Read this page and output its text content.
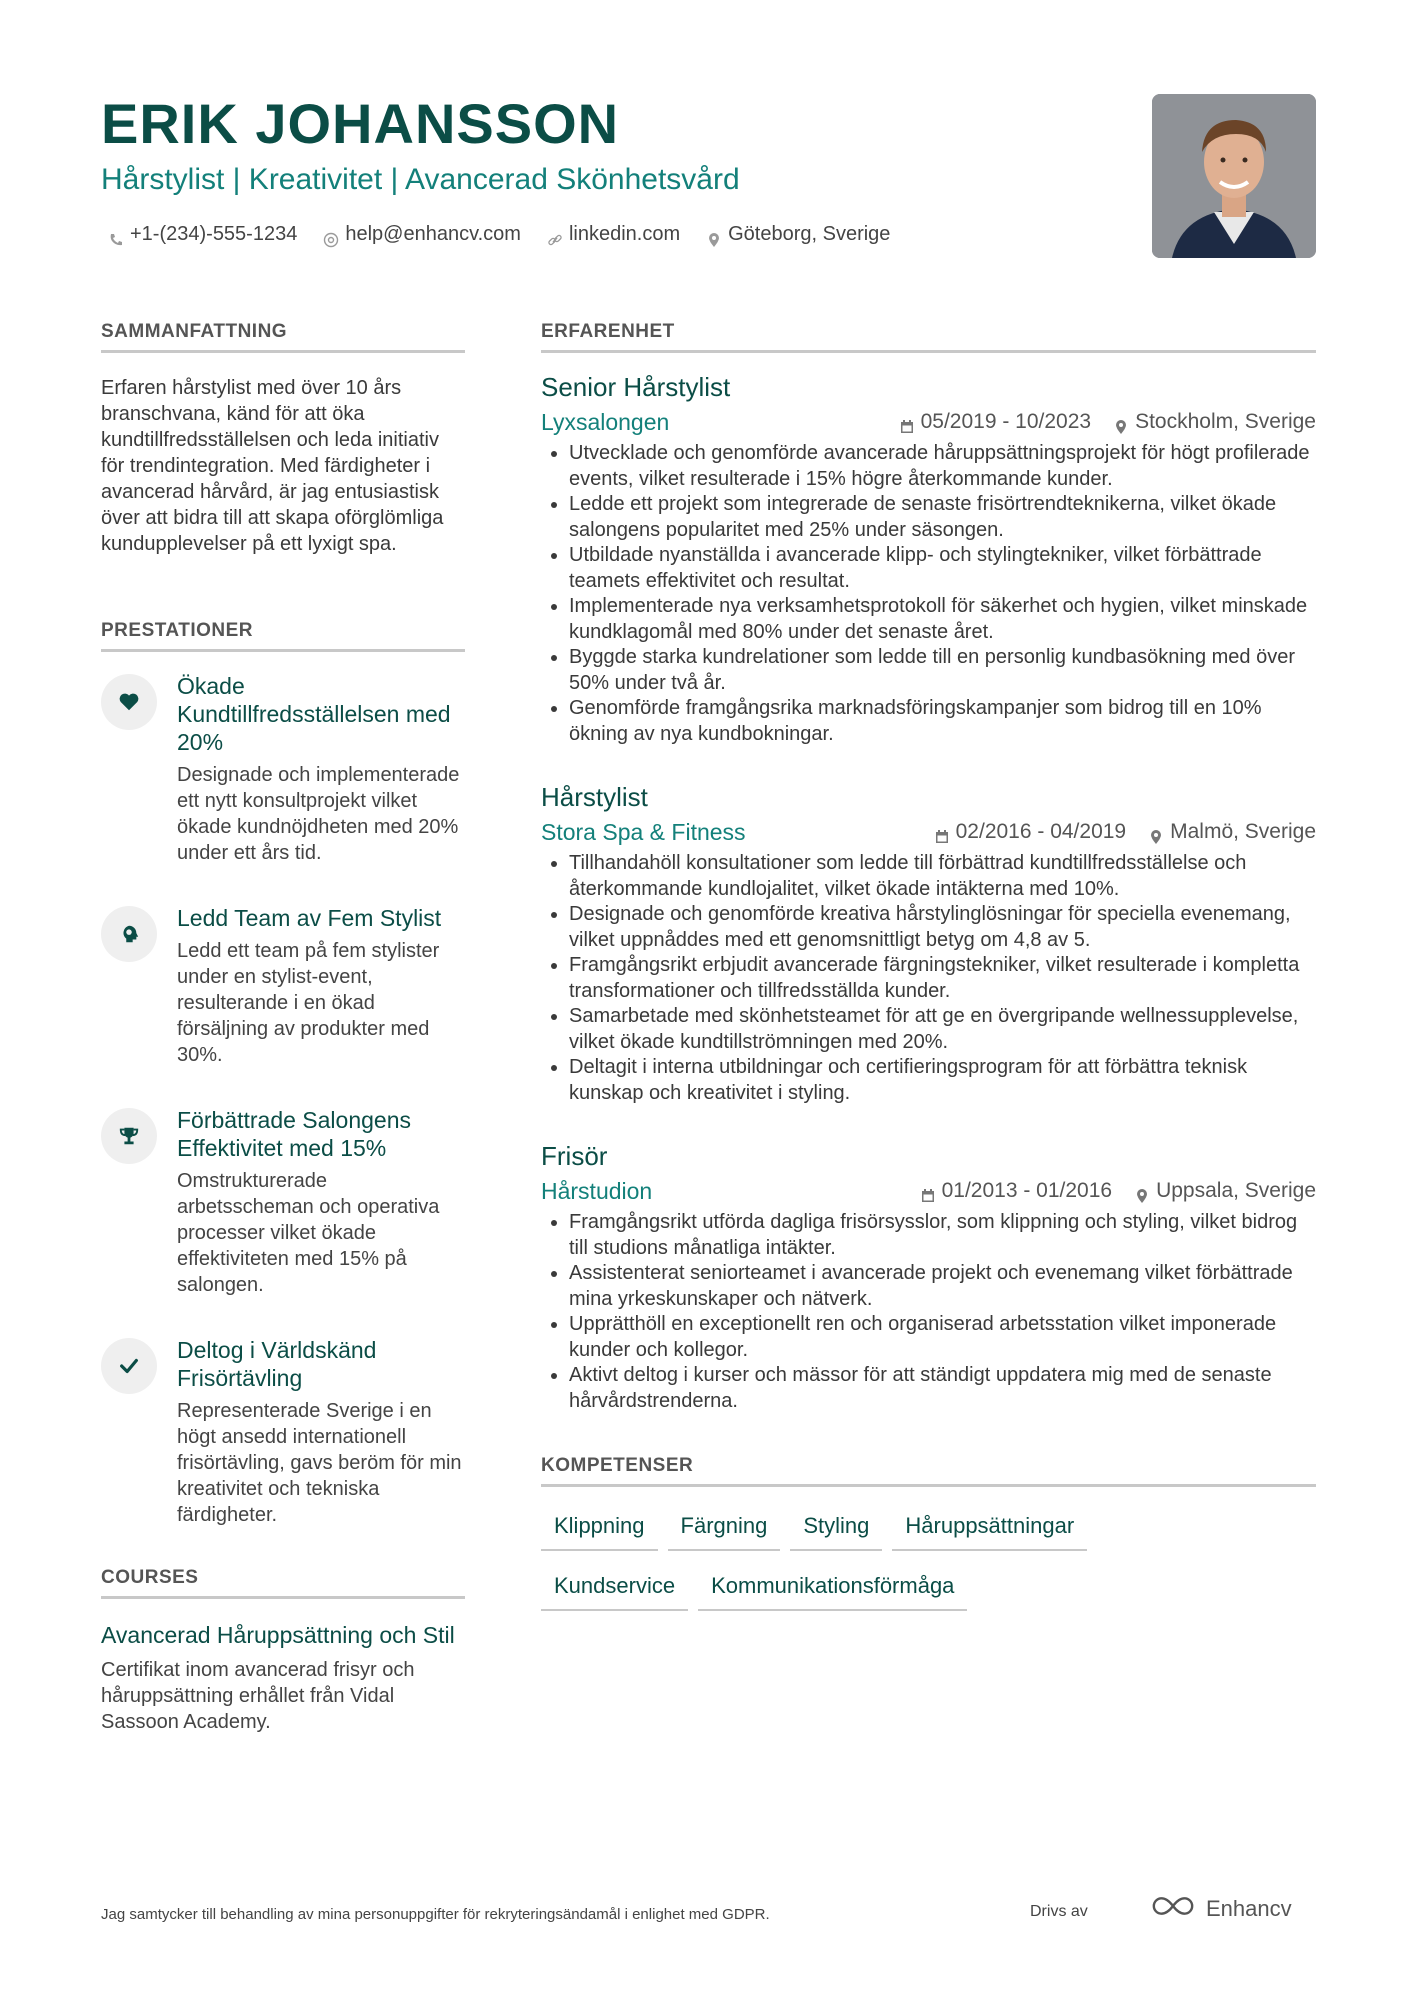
ERIK JOHANSSON

Hårstylist | Kreativitet | Avancerad Skönhetsvård

+1-(234)-555-1234 help@enhancv.com linkedin.com Göteborg, Sverige
SAMMANFATTNING

Erfaren hårstylist med över 10 års branschvana, känd för att öka kundtillfredsställelsen och leda initiativ för trendintegration. Med färdigheter i avancerad hårvård, är jag entusiastisk över att bidra till att skapa oförglömliga kundupplevelser på ett lyxigt spa.

PRESTATIONER

Ökade Kundtillfredsställelsen med 20%

Designade och implementerade ett nytt konsultprojekt vilket ökade kundnöjdheten med 20% under ett års tid.

Ledd Team av Fem Stylist

Ledd ett team på fem stylister under en stylist-event, resulterande i en ökad försäljning av produkter med 30%.

Förbättrade Salongens Effektivitet med 15%

Omstrukturerade arbetsscheman och operativa processer vilket ökade effektiviteten med 15% på salongen.

Deltog i Världskänd Frisörtävling

Representerade Sverige i en högt ansedd internationell frisörtävling, gavs beröm för min kreativitet och tekniska färdigheter.

COURSES

Avancerad Håruppsättning och Stil

Certifikat inom avancerad frisyr och håruppsättning erhållet från Vidal Sassoon Academy.

ERFARENHET

Senior Hårstylist

Lyxsalongen	05/2019 - 10/2023 Stockholm, Sverige
• Utvecklade och genomförde avancerade håruppsättningsprojekt för högt profilerade events, vilket resulterade i 15% högre återkommande kunder.
• Ledde ett projekt som integrerade de senaste frisörtrendteknikerna, vilket ökade salongens popularitet med 25% under säsongen.
• Utbildade nyanställda i avancerade klipp- och stylingtekniker, vilket förbättrade teamets effektivitet och resultat.
• Implementerade nya verksamhetsprotokoll för säkerhet och hygien, vilket minskade kundklagomål med 80% under det senaste året.
• Byggde starka kundrelationer som ledde till en personlig kundbasökning med över 50% under två år.
• Genomförde framgångsrika marknadsföringskampanjer som bidrog till en 10% ökning av nya kundbokningar.

Hårstylist

Stora Spa & Fitness	02/2016 - 04/2019 Malmö, Sverige
• Tillhandahöll konsultationer som ledde till förbättrad kundtillfredsställelse och återkommande kundlojalitet, vilket ökade intäkterna med 10%.
• Designade och genomförde kreativa hårstylinglösningar för speciella evenemang, vilket uppnåddes med ett genomsnittligt betyg om 4,8 av 5.
• Framgångsrikt erbjudit avancerade färgningstekniker, vilket resulterade i kompletta transformationer och tillfredsställda kunder.
• Samarbetade med skönhetsteamet för att ge en övergripande wellnessupplevelse, vilket ökade kundtillströmningen med 20%.
• Deltagit i interna utbildningar och certifieringsprogram för att förbättra teknisk kunskap och kreativitet i styling.

Frisör

Hårstudion	01/2013 - 01/2016 Uppsala, Sverige
• Framgångsrikt utförda dagliga frisörsysslor, som klippning och styling, vilket bidrog till studions månatliga intäkter.
• Assistenterat seniorteamet i avancerade projekt och evenemang vilket förbättrade mina yrkeskunskaper och nätverk.
• Upprätthöll en exceptionellt ren och organiserad arbetsstation vilket imponerade kunder och kollegor.
• Aktivt deltog i kurser och mässor för att ständigt uppdatera mig med de senaste hårvårdstrenderna.
KOMPETENSER
Klippning	Färgning	Styling	Håruppsättningar
Kundservice	Kommunikationsförmåga

Jag samtycker till behandling av mina personuppgifter för rekryteringsändamål i enlighet med GDPR.	Drivs av	Enhancv
